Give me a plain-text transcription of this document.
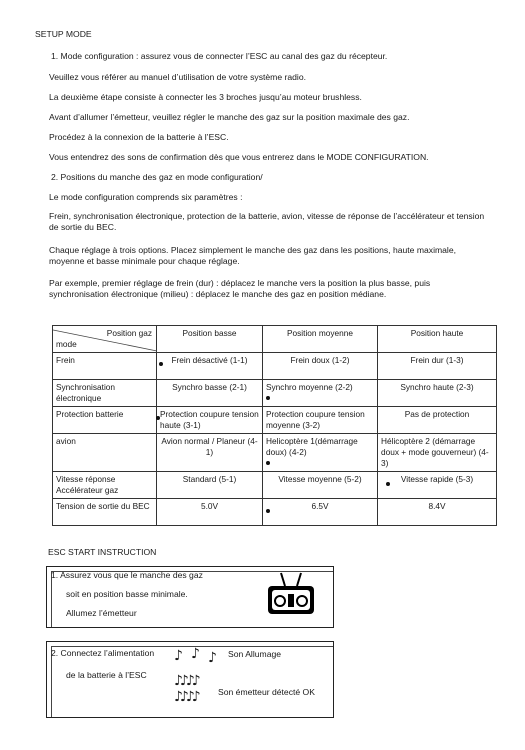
SETUP MODE
1. Mode configuration : assurez vous de connecter l’ESC au canal des gaz du récepteur.
Veuillez vous référer au manuel d’utilisation de votre système radio.
La deuxième étape consiste à connecter les 3 broches jusqu’au moteur brushless.
Avant d’allumer l’émetteur, veuillez régler le manche des gaz sur la position maximale des gaz.
Procédez à la connexion de la batterie à l’ESC.
Vous entendrez des sons de confirmation dès que vous entrerez dans le MODE CONFIGURATION.
2. Positions du manche des gaz en mode configuration/
Le mode configuration comprends six paramètres :
Frein, synchronisation électronique, protection de la batterie, avion, vitesse de réponse de l’accélérateur et tension de sortie du BEC.
Chaque réglage à trois options. Placez simplement le manche des gaz dans les positions, haute maximale, moyenne et basse minimale pour chaque réglage.
Par exemple, premier réglage de frein (dur) : déplacez le manche vers la position la plus basse, puis synchronisation électronique (milieu) : déplacez le manche des gaz en position médiane.
Position gaz
mode	Position basse	Position moyenne	Position haute
Frein	Frein désactivé (1-1)	Frein doux (1-2)	Frein dur (1-3)
Synchronisation électronique	Synchro basse (2-1)	Synchro moyenne (2-2)	Synchro haute (2-3)
Protection batterie	Protection coupure tension haute (3-1)	Protection coupure tension moyenne (3-2)	Pas de protection
avion	Avion normal / Planeur (4-1)	Helicoptère 1(démarrage doux) (4-2)	Hélicoptère 2 (démarrage doux + mode gouverneur) (4-3)
Vitesse réponse Accélérateur gaz	Standard (5-1)	Vitesse moyenne (5-2)	Vitesse rapide (5-3)
Tension de sortie du BEC	5.0V	6.5V	8.4V
ESC START INSTRUCTION
1. Assurez vous que le manche des gaz
soit en position basse minimale.
Allumez l’émetteur
2. Connectez l’alimentation
de la batterie à l’ESC
♪ ♪ ♪ Son Allumage
♪♪♪♪
♪♪♪♪ Son émetteur détecté OK
